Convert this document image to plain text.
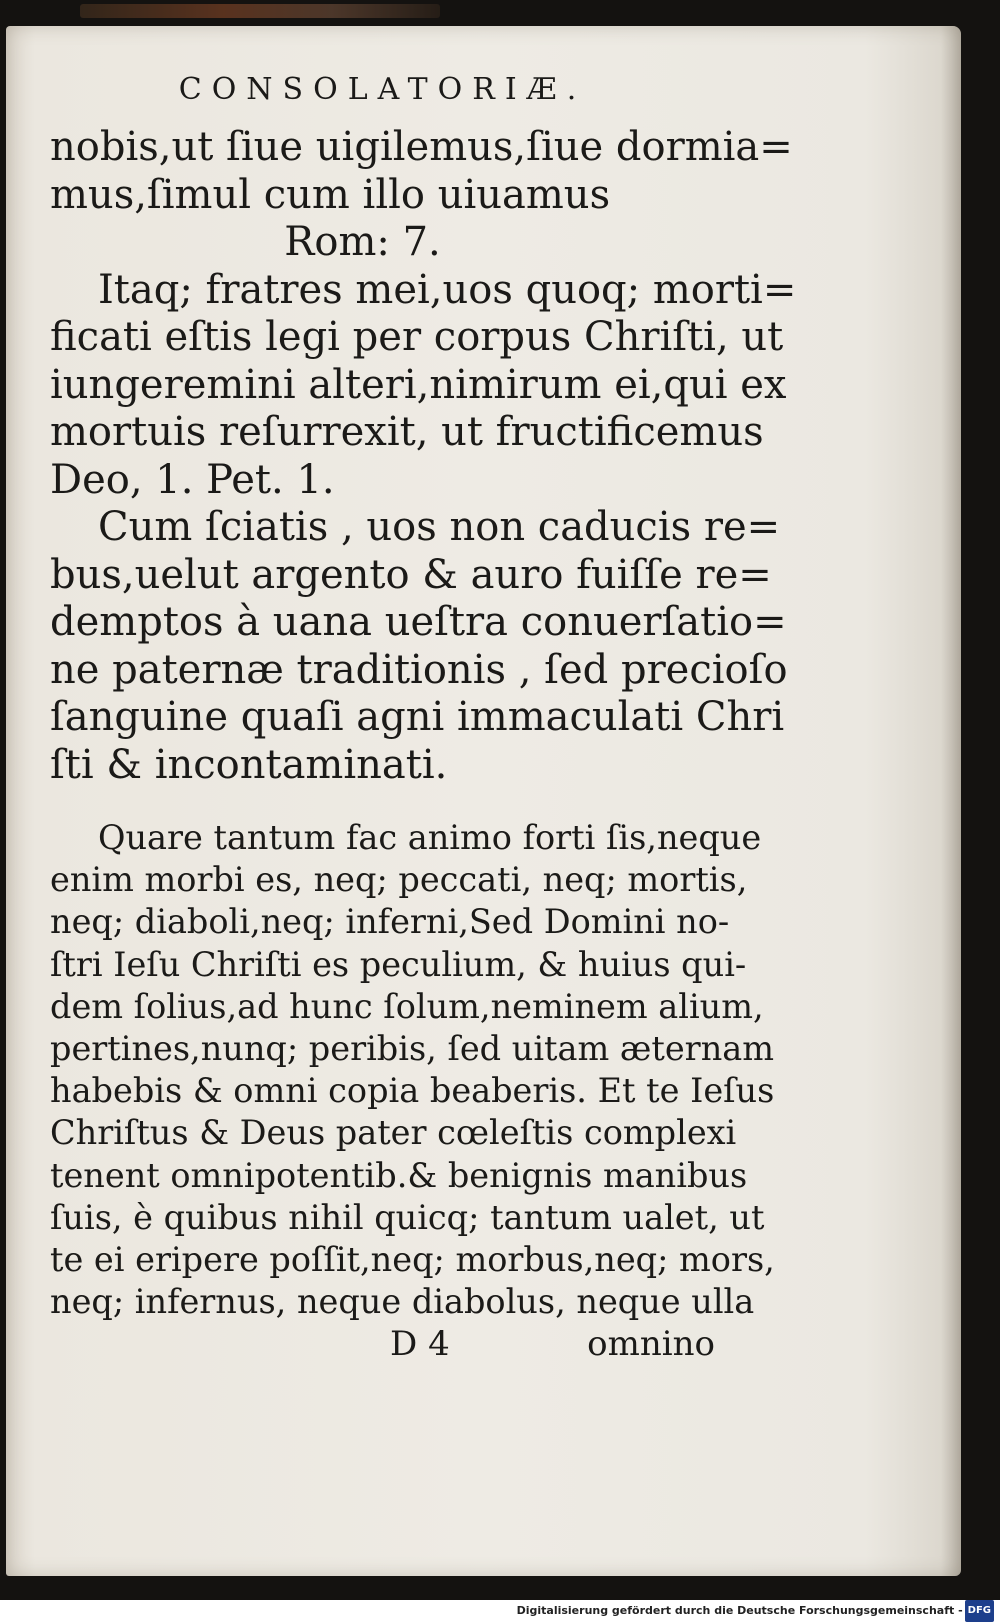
CONSOLATORIÆ.
nobis,ut ſiue uigilemus,ſiue dormia=
mus,ſimul cum illo uiuamus
Rom: 7.
Itaq; fratres mei,uos quoq; morti=
ficati eſtis legi per corpus Chriſti, ut
iungeremini alteri,nimirum ei,qui ex
mortuis reſurrexit, ut fructificemus
Deo, 1. Pet. 1.
Cum ſciatis , uos non caducis re=
bus,uelut argento & auro fuiſſe re=
demptos à uana ueſtra conuerſatio=
ne paternæ traditionis , ſed precioſo
ſanguine quaſi agni immaculati Chri
ſti & incontaminati.
Quare tantum fac animo forti ſis,neque
enim morbi es, neq; peccati, neq; mortis,
neq; diaboli,neq; inferni,Sed Domini no-
ſtri Ieſu Chriſti es peculium, & huius qui-
dem ſolius,ad hunc ſolum,neminem alium,
pertines,nunq; peribis, ſed uitam æternam
habebis & omni copia beaberis. Et te Ieſus
Chriſtus & Deus pater cœleſtis complexi
tenent omnipotentib.& benignis manibus
ſuis, è quibus nihil quicq; tantum ualet, ut
te ei eripere poſſit,neq; morbus,neq; mors,
neq; infernus, neque diabolus, neque ulla
D 4	omnino
Digitalisierung gefördert durch die Deutsche Forschungsgemeinschaft - DFG
